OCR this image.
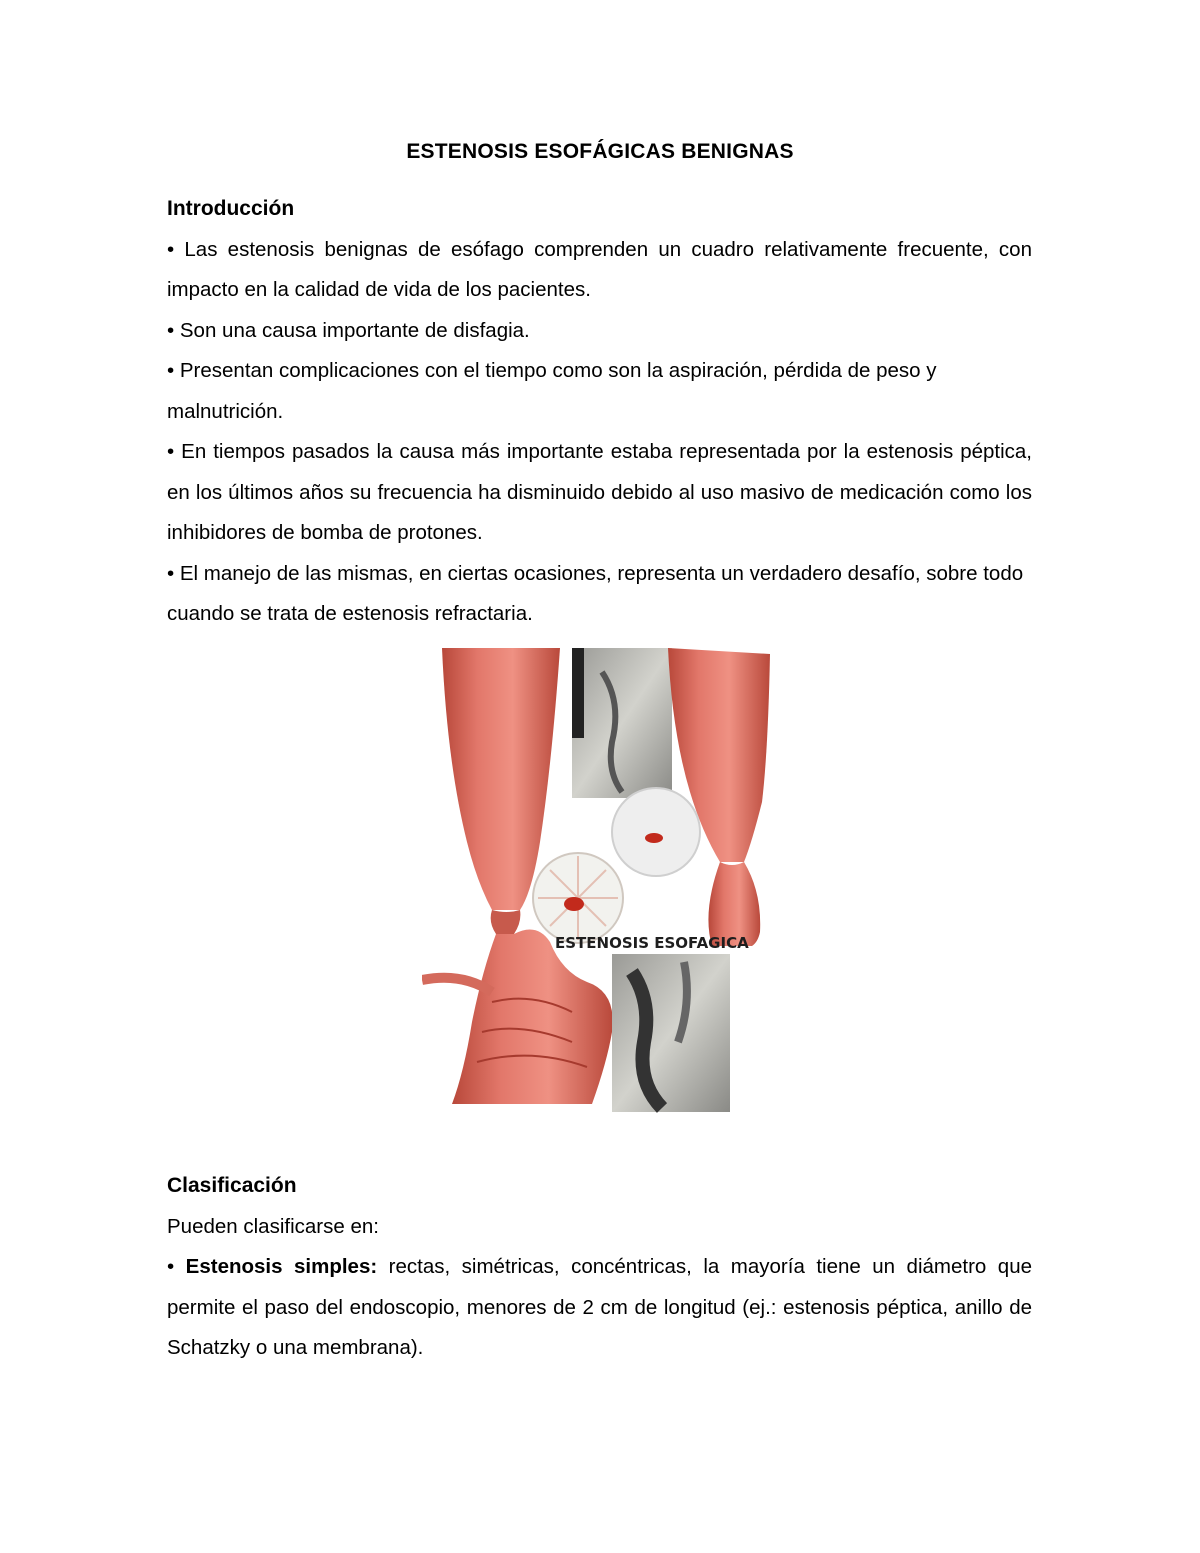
ESTENOSIS ESOFÁGICAS BENIGNAS
Introducción

• Las estenosis benignas de esófago comprenden un cuadro relativamente frecuente, con impacto en la calidad de vida de los pacientes.

• Son una causa importante de disfagia.

• Presentan complicaciones con el tiempo como son la aspiración, pérdida de peso y malnutrición.

• En tiempos pasados la causa más importante estaba representada por la estenosis péptica, en los últimos años su frecuencia ha disminuido debido al uso masivo de medicación como los inhibidores de bomba de protones.

• El manejo de las mismas, en ciertas ocasiones, representa un verdadero desafío, sobre todo cuando se trata de estenosis refractaria.

ESTENOSIS ESOFAGICA
Clasificación

Pueden clasificarse en:

• Estenosis simples: rectas, simétricas, concéntricas, la mayoría tiene un diámetro que permite el paso del endoscopio, menores de 2 cm de longitud (ej.: estenosis péptica, anillo de Schatzky o una membrana).
